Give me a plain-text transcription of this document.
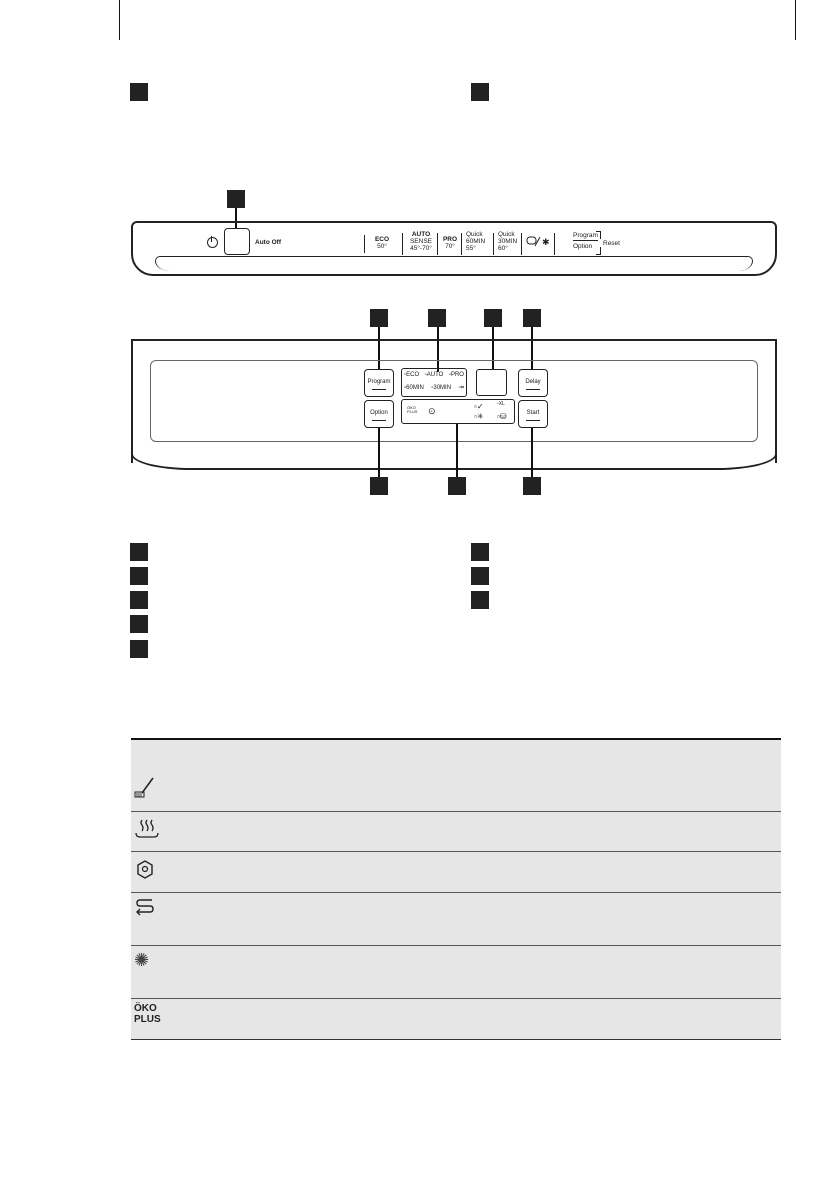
Auto Off	ECO
50°
AUTO
SENSE
45°-70°
PRO
70°
Quick
60MIN
55°
Quick
30MIN
60°
✱
Program
Option	Reset
Program
Option
Delay
Start
▫ECO ▫AUTO ▫PRO
▫60MIN ▫30MIN ▫⌗
ÖKO
PLUS ⊙	▫✓	▫XL
▫✳ ▫⛁
✺
ÖKO
PLUS
